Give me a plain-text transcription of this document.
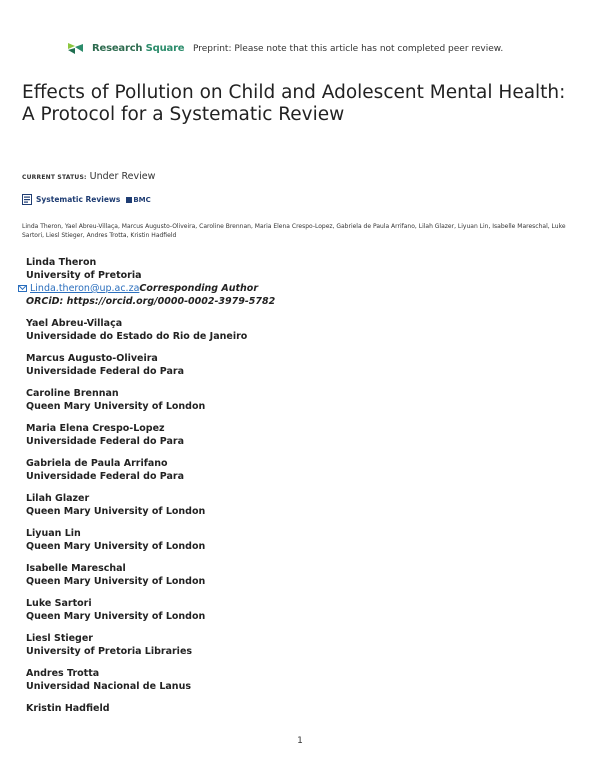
Research Square Preprint: Please note that this article has not completed peer review.
Effects of Pollution on Child and Adolescent Mental Health: A Protocol for a Systematic Review
CURRENT STATUS: Under Review
Systematic Reviews BMC
Linda Theron, Yael Abreu-Villaça, Marcus Augusto-Oliveira, Caroline Brennan, Maria Elena Crespo-Lopez, Gabriela de Paula Arrifano, Lilah Glazer, Liyuan Lin, Isabelle Mareschal, Luke Sartori, Liesl Stieger, Andres Trotta, Kristin Hadfield
Linda Theron
University of Pretoria
Linda.theron@up.ac.za Corresponding Author
ORCiD: https://orcid.org/0000-0002-3979-5782
Yael Abreu-Villaça
Universidade do Estado do Rio de Janeiro
Marcus Augusto-Oliveira
Universidade Federal do Para
Caroline Brennan
Queen Mary University of London
Maria Elena Crespo-Lopez
Universidade Federal do Para
Gabriela de Paula Arrifano
Universidade Federal do Para
Lilah Glazer
Queen Mary University of London
Liyuan Lin
Queen Mary University of London
Isabelle Mareschal
Queen Mary University of London
Luke Sartori
Queen Mary University of London
Liesl Stieger
University of Pretoria Libraries
Andres Trotta
Universidad Nacional de Lanus
Kristin Hadfield
1
